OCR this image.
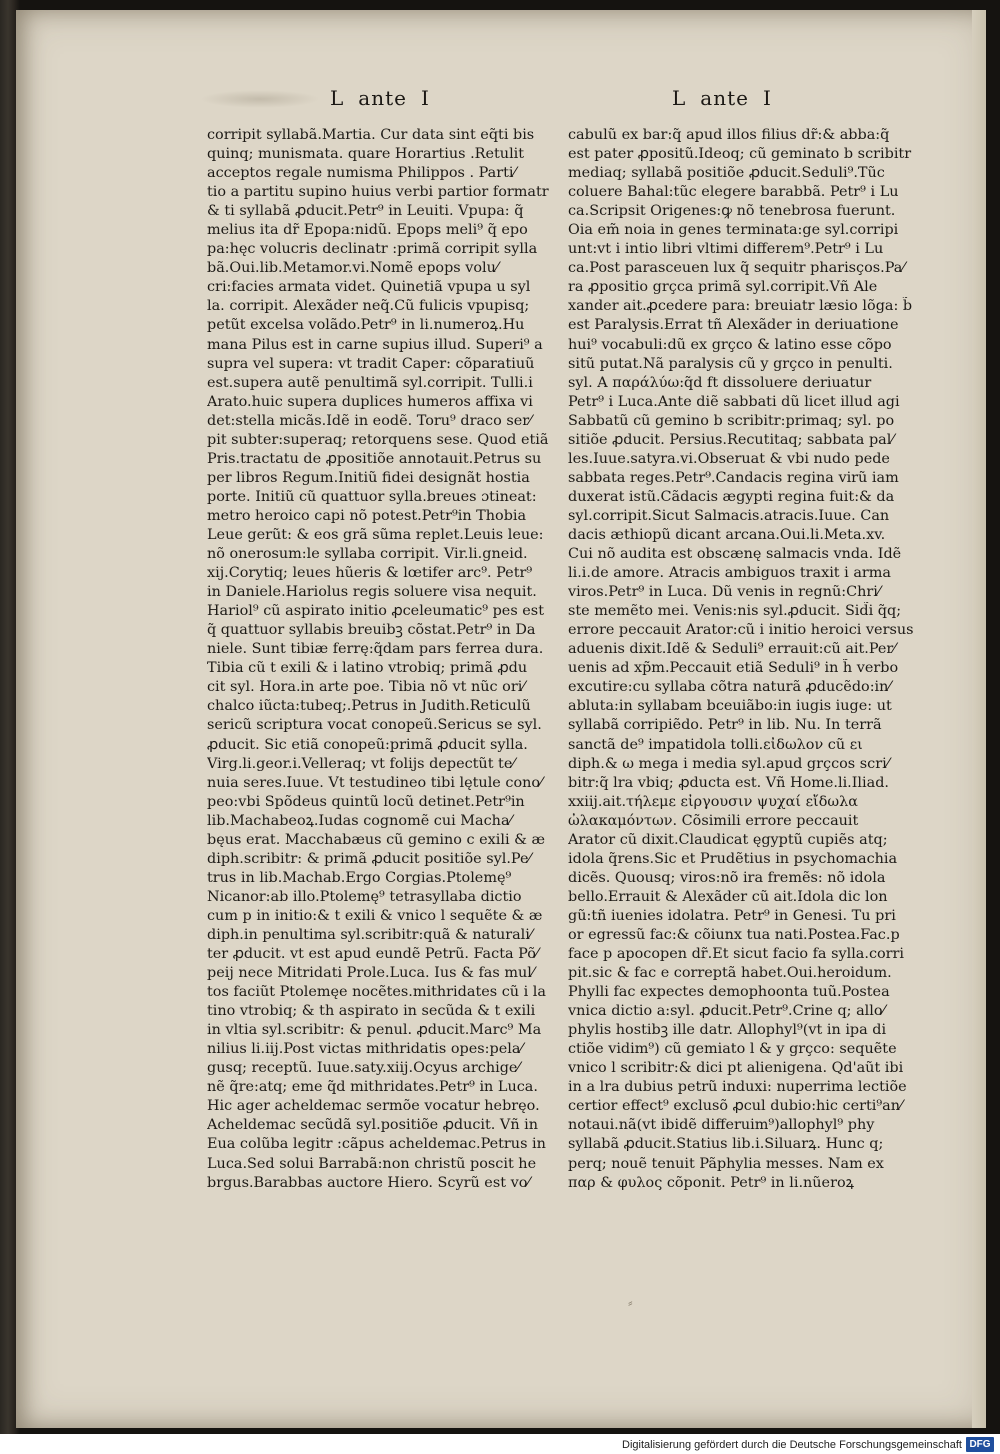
L ante I	L ante I
corripit syllabã.Martia. Cur data sint eq̃ti bis
quinq; munismata. quare Horartius .Retulit
acceptos regale numisma Philippos . Parti⁄
tio a partitu supino huius verbi partior formatr
& ti syllabã ꝓducit.Petr⁹ in Leuiti. Vpupa: q̃
melius ita dr̃ Epopa:nidũ. Epops meli⁹ q̃ epo
pa:hęc volucris declinatr :primã corripit sylla
bã.Oui.lib.Metamor.vi.Nomẽ epops volu⁄
cri:facies armata videt. Quinetiã vpupa u syl
la. corripit. Alexãder neq̃.Cũ fulicis vpupisq;
petũt excelsa volãdo.Petr⁹ in li.numeroꝝ.Hu
mana Pilus est in carne supius illud. Superi⁹ a
supra vel supera: vt tradit Caper: cõparatiuũ
est.supera autẽ penultimã syl.corripit. Tulli.i
Arato.huic supera duplices humeros affixa vi
det:stella micãs.Idẽ in eodẽ. Toru⁹ draco ser⁄
pit subter:superaq; retorquens sese. Quod etiã
Pris.tractatu de ꝓpositiõe annotauit.Petrus su
per libros Regum.Initiũ fidei designãt hostia
porte. Initiũ cũ quattuor sylla.breues ɔtineat:
metro heroico capi nõ potest.Petr⁹in Thobia
Leue gerũt: & eos grã sũma replet.Leuis leue:
nõ onerosum:le syllaba corripit. Vir.li.gneid.
xij.Corytiq; leues hũeris & lœtifer arc⁹. Petr⁹
in Daniele.Hariolus regis soluere visa nequit.
Hariol⁹ cũ aspirato initio ꝓceleumatic⁹ pes est
q̃ quattuor syllabis breuibꝫ cõstat.Petr⁹ in Da
niele. Sunt tibiæ ferrę:q̃dam pars ferrea dura.
Tibia cũ t exili & i latino vtrobiq; primã ꝓdu
cit syl. Hora.in arte poe. Tibia nõ vt nũc ori⁄
chalco iũcta:tubeq;.Petrus in Judith.Reticulũ
sericũ scriptura vocat conopeũ.Sericus se syl.
ꝓducit. Sic etiã conopeũ:primã ꝓducit sylla.
Virg.li.geor.i.Velleraq; vt folijs depectũt te⁄
nuia seres.Iuue. Vt testudineo tibi lętule cono⁄
peo:vbi Spõdeus quintũ locũ detinet.Petr⁹in
lib.Machabeoꝝ.Iudas cognomẽ cui Macha⁄
bęus erat. Macchabæus cũ gemino c exili & æ
diph.scribitr: & primã ꝓducit positiõe syl.Pe⁄
trus in lib.Machab.Ergo Corgias.Ptolemę⁹
Nicanor:ab illo.Ptolemę⁹ tetrasyllaba dictio
cum p in initio:& t exili & vnico l sequẽte & æ
diph.in penultima syl.scribitr:quã & naturali⁄
ter ꝓducit. vt est apud eundẽ Petrũ. Facta Põ⁄
peij nece Mitridati Prole.Luca. Ius & fas mul⁄
tos faciũt Ptolemęe nocẽtes.mithridates cũ i la
tino vtrobiq; & th aspirato in secũda & t exili
in vltia syl.scribitr: & penul. ꝓducit.Marc⁹ Ma
nilius li.iij.Post victas mithridatis opes:pela⁄
gusq; receptũ. Iuue.saty.xiij.Ocyus archige⁄
nẽ q̃re:atq; eme q̃d mithridates.Petr⁹ in Luca.
Hic ager acheldemac sermõe vocatur hebręo.
Acheldemac secũdã syl.positiõe ꝓducit. Vñ in
Eua colũba legitr :cãpus acheldemac.Petrus in
Luca.Sed solui Barrabã:non christũ poscit he
brgus.Barabbas auctore Hiero. Scyrũ est vo⁄
cabulũ ex bar:q̃ apud illos filius dr̃:& abba:q̃
est pater ꝓpositũ.Ideoq; cũ geminato b scribitr
mediaq; syllabã positiõe ꝓducit.Seduli⁹.Tũc
coluere Bahal:tũc elegere barabbã. Petr⁹ i Lu
ca.Scripsit Origenes:ꝙ nõ tenebrosa fuerunt.
Oia em̃ noia in genes terminata:ge syl.corripi
unt:vt i intio libri vltimi differem⁹.Petr⁹ i Lu
ca.Post parasceuen lux q̃ sequitr pharisços.Pa⁄
ra ꝓpositio grçca primã syl.corripit.Vñ Ale
xander ait.ꝓcedere para: breuiatr læsio lõga: b̃
est Paralysis.Errat tñ Alexãder in deriuatione
hui⁹ vocabuli:dũ ex grçco & latino esse cõpo
sitũ putat.Nã paralysis cũ y grçco in penulti.
syl. A παράλύω:q̃d ft dissoluere deriuatur
Petr⁹ i Luca.Ante diẽ sabbati dũ licet illud agi
Sabbatũ cũ gemino b scribitr:primaq; syl. po
sitiõe ꝓducit. Persius.Recutitaq; sabbata pal⁄
les.Iuue.satyra.vi.Obseruat & vbi nudo pede
sabbata reges.Petr⁹.Candacis regina virũ iam
duxerat istũ.Cãdacis ægypti regina fuit:& da
syl.corripit.Sicut Salmacis.atracis.Iuue. Can
dacis æthiopũ dicant arcana.Oui.li.Meta.xv.
Cui nõ audita est obscænę salmacis vnda. Idẽ
li.i.de amore. Atracis ambiguos traxit i arma
viros.Petr⁹ in Luca. Dũ venis in regnũ:Chri⁄
ste memẽto mei. Venis:nis syl.ꝓducit. Sid̃i q̃q;
errore peccauit Arator:cũ i initio heroici versus
aduenis dixit.Idẽ & Seduli⁹ errauit:cũ ait.Per⁄
uenis ad xp̃m.Peccauit etiã Seduli⁹ in h̃ verbo
excutire:cu syllaba cõtra naturã ꝓducẽdo:in⁄
abluta:in syllabam bceuiãbo:in iugis iuge: ut
syllabã corripiẽdo. Petr⁹ in lib. Nu. In terrã
sanctã de⁹ impatidola tolli.εἰδωλον cũ ει
diph.& ω mega i media syl.apud grçcos scri⁄
bitr:q̃ lra vbiq; ꝓducta est. Vñ Home.li.Iliad.
xxiij.ait.τήλεμε εἰργουσιν ψυχαί εἴδωλα
ὠλακαμόντων. Cõsimili errore peccauit
Arator cũ dixit.Claudicat ęgyptũ cupiẽs atq;
idola q̃rens.Sic et Prudẽtius in psychomachia
dicẽs. Quousq; viros:nõ ira fremẽs: nõ idola
bello.Errauit & Alexãder cũ ait.Idola dic lon
gũ:tñ iuenies idolatra. Petr⁹ in Genesi. Tu pri
or egressũ fac:& cõiunx tua nati.Postea.Fac.p
face p apocopen dr̃.Et sicut facio fa sylla.corri
pit.sic & fac e correptã habet.Oui.heroidum.
Phylli fac expectes demophoonta tuũ.Postea
vnica dictio a:syl. ꝓducit.Petr⁹.Crine q; allo⁄
phylis hostibꝫ ille datr. Allophyl⁹(vt in ipa di
ctiõe vidim⁹) cũ gemiato l & y grçco: sequẽte
vnico l scribitr:& dici pt alienigena. Qd'aũt ibi
in a lra dubius petrũ induxi: nuperrima lectiõe
certior effect⁹ exclusõ ꝓcul dubio:hic certi⁹an⁄
notaui.nã(vt ibidẽ differuim⁹)allophyl⁹ phy
syllabã ꝓducit.Statius lib.i.Siluarꝝ. Hunc q;
perq; nouẽ tenuit Pãphylia messes. Nam ex
παρ & φυλος cõponit. Petr⁹ in li.nũeroꝝ
⸗
Digitalisierung gefördert durch die Deutsche Forschungsgemeinschaft DFG
